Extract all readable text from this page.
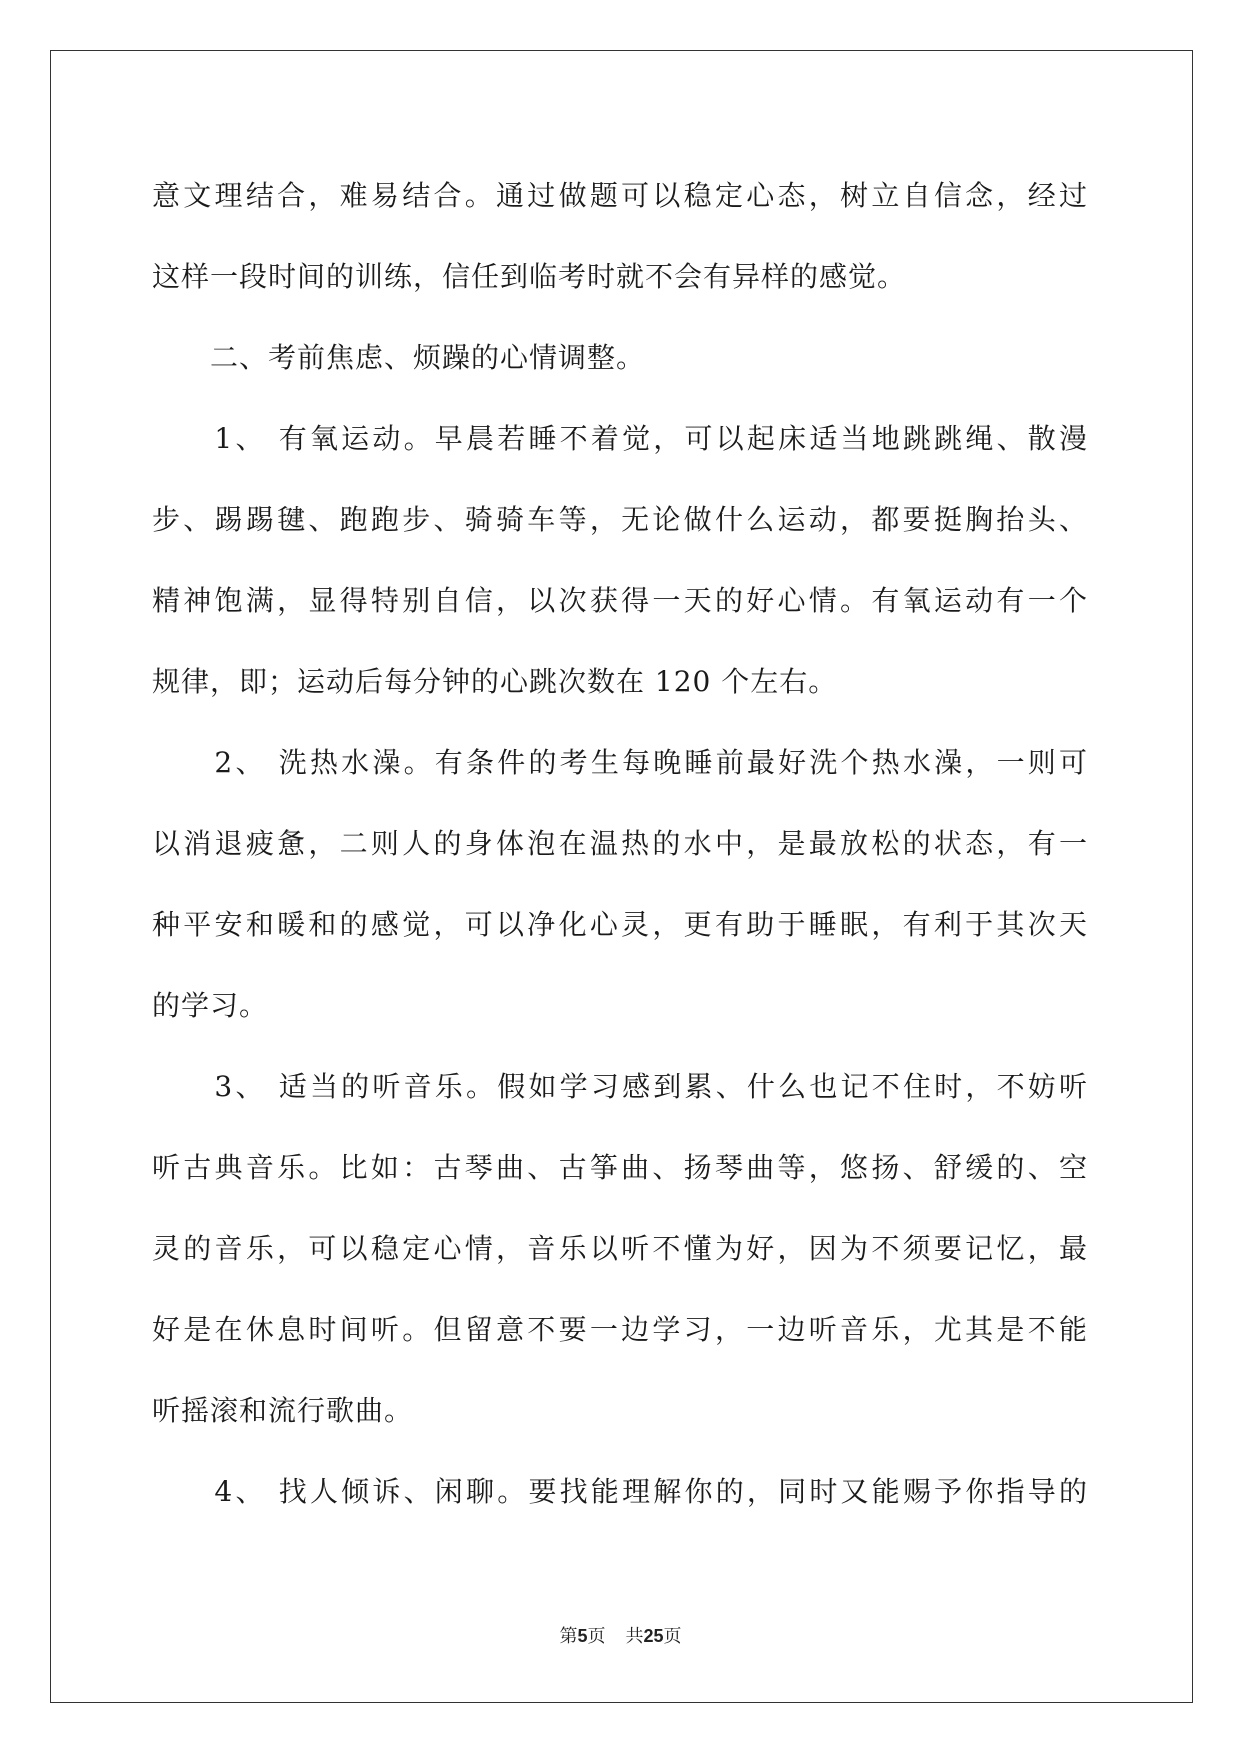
意文理结合，难易结合。通过做题可以稳定心态，树立自信念，经过
这样一段时间的训练，信任到临考时就不会有异样的感觉。
　　二、考前焦虑、烦躁的心情调整。
　　1、 有氧运动。早晨若睡不着觉，可以起床适当地跳跳绳、散漫
步、踢踢毽、跑跑步、骑骑车等，无论做什么运动，都要挺胸抬头、
精神饱满，显得特别自信，以次获得一天的好心情。有氧运动有一个
规律，即；运动后每分钟的心跳次数在 120 个左右。
　　2、 洗热水澡。有条件的考生每晚睡前最好洗个热水澡，一则可
以消退疲惫，二则人的身体泡在温热的水中，是最放松的状态，有一
种平安和暖和的感觉，可以净化心灵，更有助于睡眠，有利于其次天
的学习。
　　3、 适当的听音乐。假如学习感到累、什么也记不住时，不妨听
听古典音乐。比如：古琴曲、古筝曲、扬琴曲等，悠扬、舒缓的、空
灵的音乐，可以稳定心情，音乐以听不懂为好，因为不须要记忆，最
好是在休息时间听。但留意不要一边学习，一边听音乐，尤其是不能
听摇滚和流行歌曲。
　　4、 找人倾诉、闲聊。要找能理解你的，同时又能赐予你指导的
第5页 共25页
